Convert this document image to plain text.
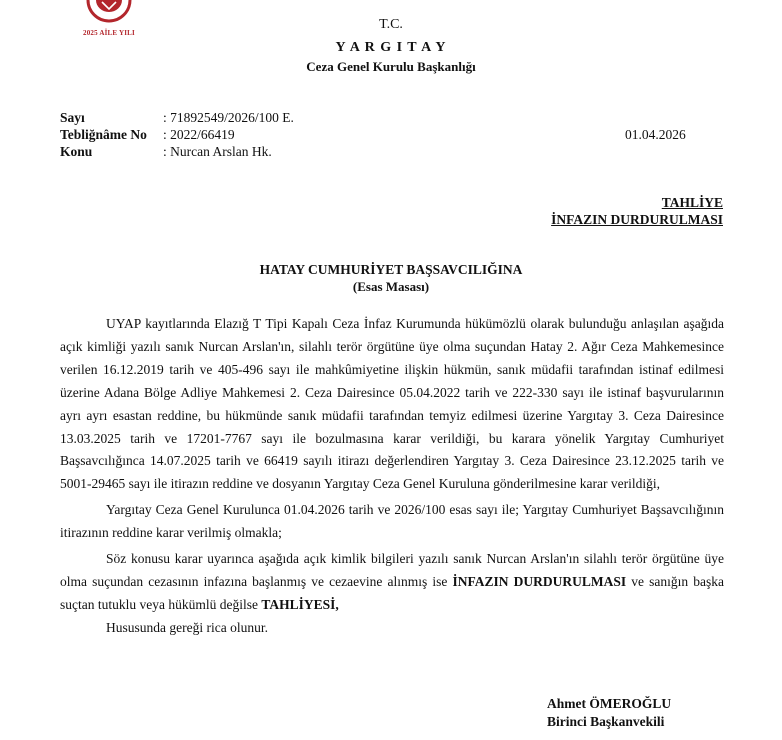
2025 AİLE YILI
T.C.
Y A R G I T A Y
Ceza Genel Kurulu Başkanlığı
Sayı	: 71892549/2026/100 E.
Tebliğnâme No : 2022/66419
Konu	: Nurcan Arslan Hk.
01.04.2026
TAHLİYE
İNFAZIN DURDURULMASI
HATAY CUMHURİYET BAŞSAVCILIĞINA
(Esas Masası)

UYAP kayıtlarında Elazığ T Tipi Kapalı Ceza İnfaz Kurumunda hükümözlü olarak bulunduğu anlaşılan aşağıda açık kimliği yazılı sanık Nurcan Arslan'ın, silahlı terör örgütüne üye olma suçundan Hatay 2. Ağır Ceza Mahkemesince verilen 16.12.2019 tarih ve 405-496 sayı ile mahkûmiyetine ilişkin hükmün, sanık müdafii tarafından istinaf edilmesi üzerine Adana Bölge Adliye Mahkemesi 2. Ceza Dairesince 05.04.2022 tarih ve 222-330 sayı ile istinaf başvurularının ayrı ayrı esastan reddine, bu hükmünde sanık müdafii tarafından temyiz edilmesi üzerine Yargıtay 3. Ceza Dairesince 13.03.2025 tarih ve 17201-7767 sayı ile bozulmasına karar verildiği, bu karara yönelik Yargıtay Cumhuriyet Başsavcılığınca 14.07.2025 tarih ve 66419 sayılı itirazı değerlendiren Yargıtay 3. Ceza Dairesince 23.12.2025 tarih ve 5001-29465 sayı ile itirazın reddine ve dosyanın Yargıtay Ceza Genel Kuruluna gönderilmesine karar verildiği,

Yargıtay Ceza Genel Kurulunca 01.04.2026 tarih ve 2026/100 esas sayı ile; Yargıtay Cumhuriyet Başsavcılığının itirazının reddine karar verilmiş olmakla;

Söz konusu karar uyarınca aşağıda açık kimlik bilgileri yazılı sanık Nurcan Arslan'ın silahlı terör örgütüne üye olma suçundan cezasının infazına başlanmış ve cezaevine alınmış ise İNFAZIN DURDURULMASI ve sanığın başka suçtan tutuklu veya hükümlü değilse TAHLİYESİ,

Hususunda gereği rica olunur.

Ahmet ÖMEROĞLU
Birinci Başkanvekili
